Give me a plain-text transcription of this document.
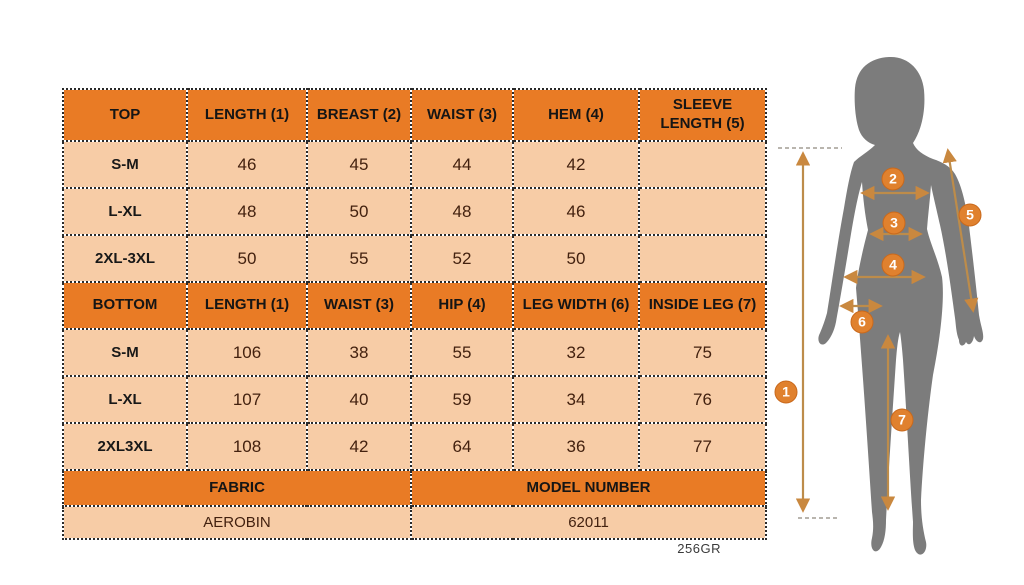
TOP	LENGTH (1)	BREAST (2)	WAIST (3)	HEM (4)	SLEEVE LENGTH (5)
S-M	46	45	44	42	
L-XL	48	50	48	46	
2XL-3XL	50	55	52	50	
BOTTOM	LENGTH (1)	WAIST (3)	HIP (4)	LEG WIDTH (6)	INSIDE LEG (7)
S-M	106	38	55	32	75
L-XL	107	40	59	34	76
2XL3XL	108	42	64	36	77
FABRIC			MODEL NUMBER		
AEROBIN			62011		
256GR
1
2
3
4
5
6
7
